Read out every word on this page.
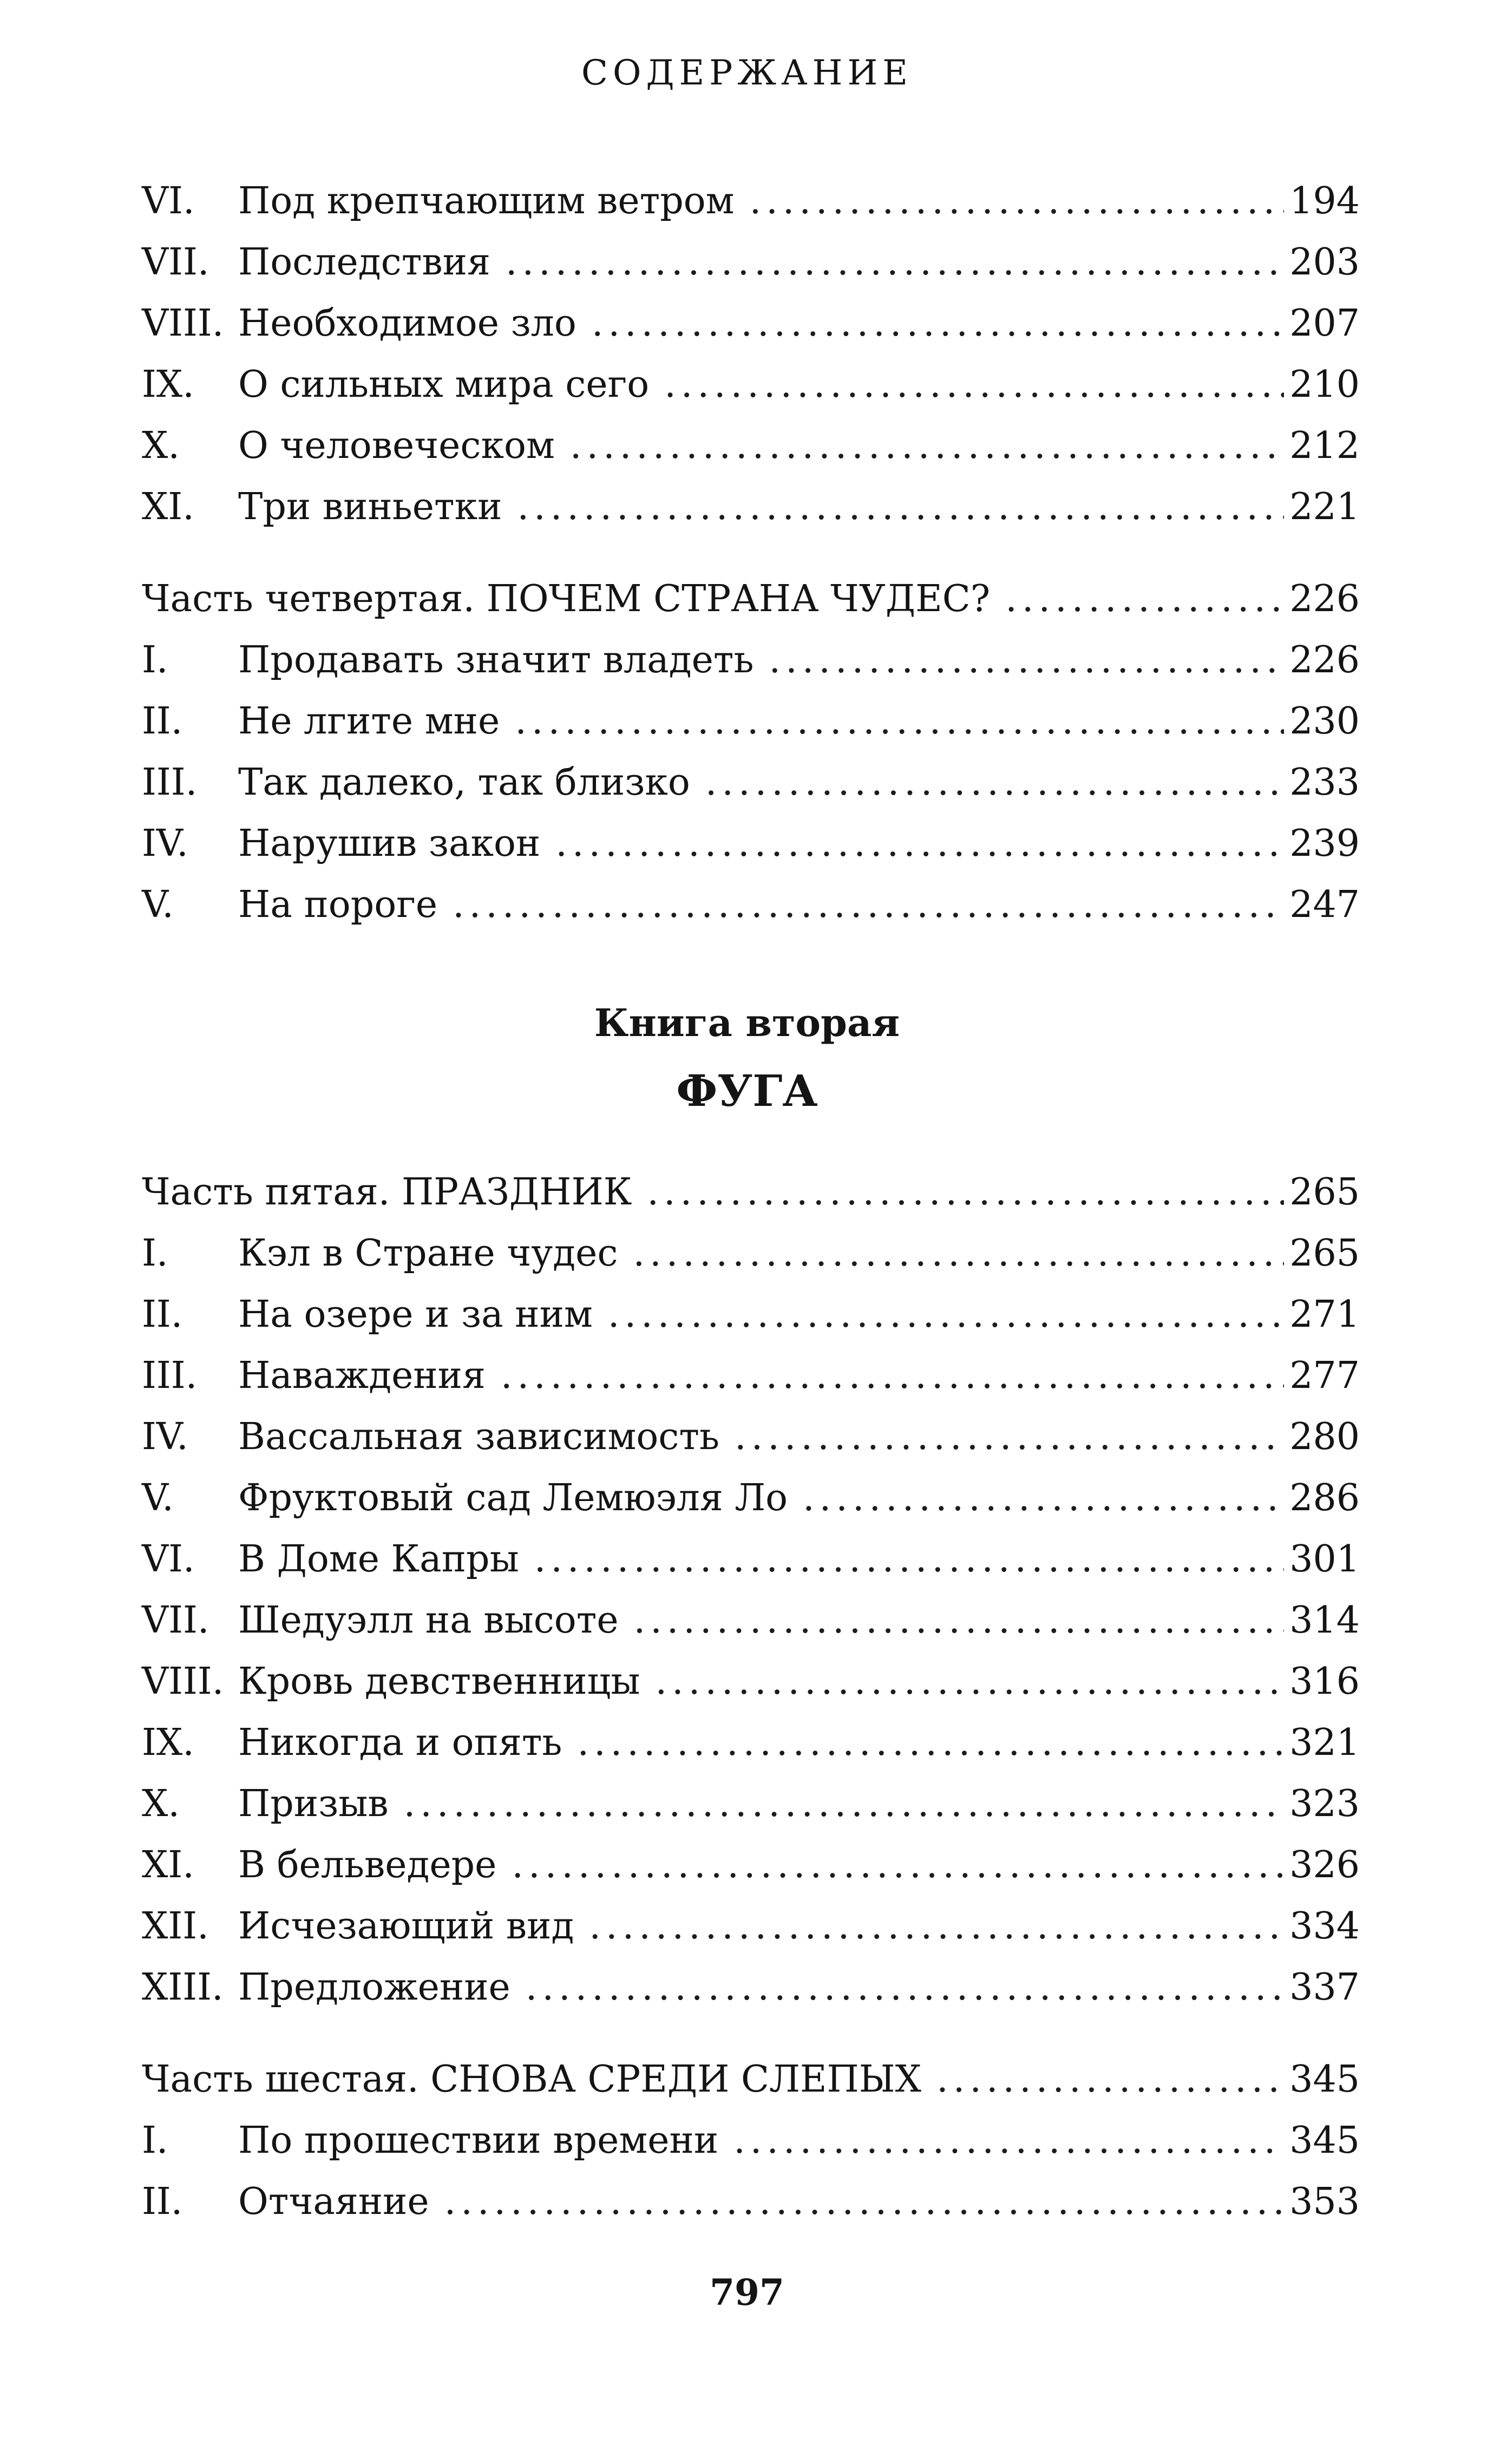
СОДЕРЖАНИЕ
VI.	Под крепчающим ветром .....	194
VII. Последствия .....	203
VIII. Необходимое зло .....	207
IX.	О сильных мира сего .....	210
X.	О человеческом .....	212
XI.	Три виньетки .....	221
Часть четвертая. ПОЧЕМ СТРАНА ЧУДЕС? .....	226
I.	Продавать значит владеть .....	226
II.	Не лгите мне .....	230
III.	Так далеко, так близко .....	233
IV.	Нарушив закон .....	239
V.	На пороге .....	247
Книга вторая
ФУГА
Часть пятая. ПРАЗДНИК .....	265
I.	Кэл в Стране чудес .....	265
II.	На озере и за ним .....	271
III.	Наваждения .....	277
IV.	Вассальная зависимость .....	280
V.	Фруктовый сад Лемюэля Ло .....	286
VI.	В Доме Капры .....	301
VII. Шедуэлл на высоте .....	314
VIII. Кровь девственницы .....	316
IX.	Никогда и опять .....	321
X.	Призыв .....	323
XI.	В бельведере .....	326
XII. Исчезающий вид .....	334
XIII. Предложение .....	337
Часть шестая. СНОВА СРЕДИ СЛЕПЫХ .....	345
I.	По прошествии времени .....	345
II.	Отчаяние .....	353
797
